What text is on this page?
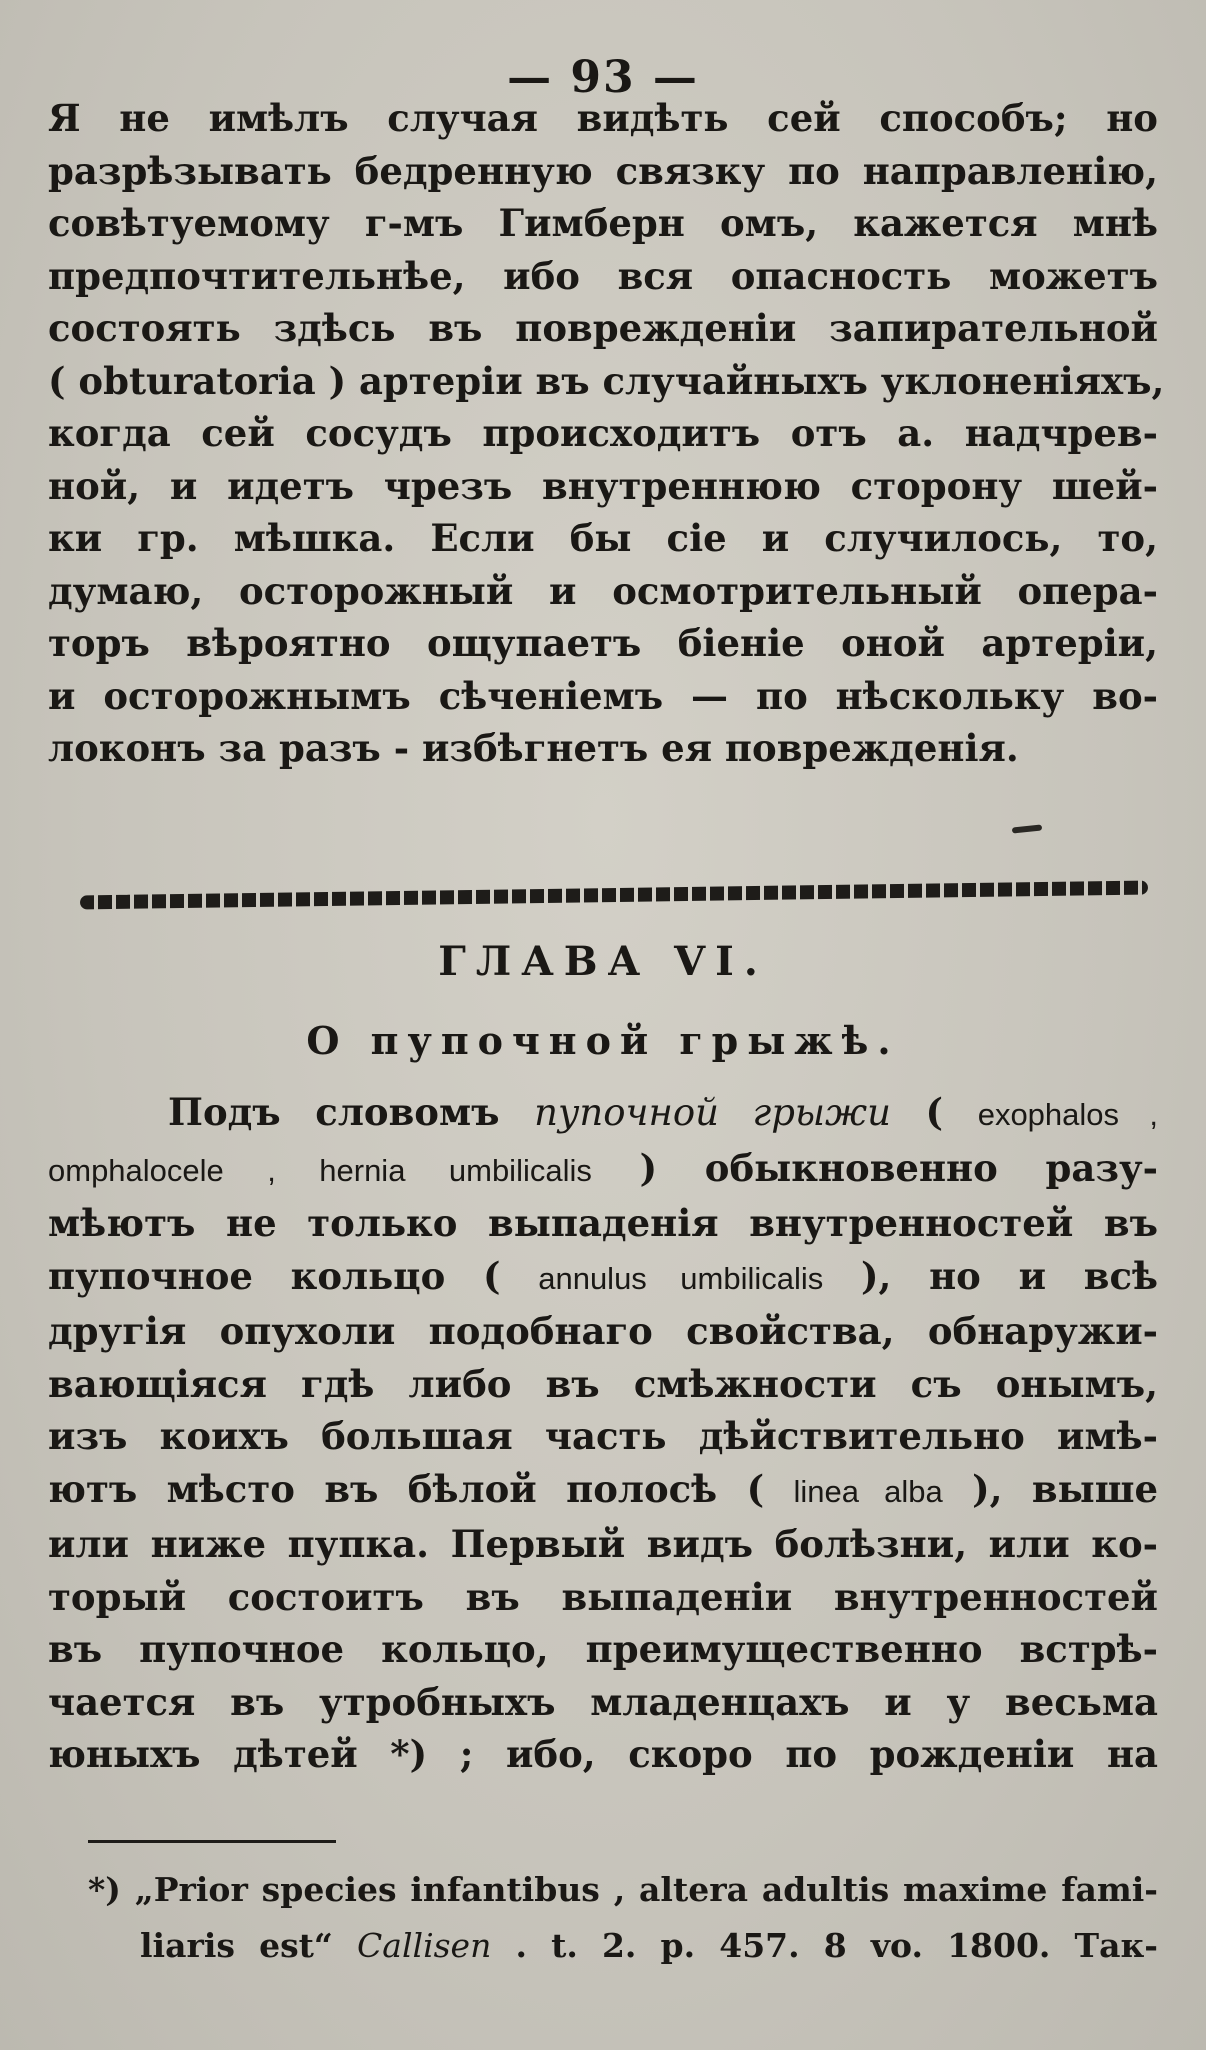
— 93 —
Я не имѣлъ случая видѣть сей способъ; но
разрѣзывать бедренную связку по направленію,
совѣтуемому г-мъ Гимберн омъ, кажется мнѣ
предпочтительнѣе, ибо вся опасность можетъ
состоять здѣсь въ поврежденіи запирательной
( obturatoria ) артеріи въ случайныхъ уклоненіяхъ,
когда сей сосудъ происходитъ отъ а. надчрев-
ной, и идетъ чрезъ внутреннюю сторону шей-
ки гр. мѣшка. Если бы сіе и случилось, то,
думаю, осторожный и осмотрительный опера-
торъ вѣроятно ощупаетъ біеніе оной артеріи,
и осторожнымъ сѣченіемъ — по нѣскольку во-
локонъ за разъ - избѣгнетъ ея поврежденія.
ГЛАВА VI.
О пупочной грыжѣ.
Подъ словомъ пупочной грыжи ( exophalos ,
omphalocele , hernia umbilicalis ) обыкновенно разу-
мѣютъ не только выпаденія внутренностей въ
пупочное кольцо ( annulus umbilicalis ), но и всѣ
другія опухоли подобнаго свойства, обнаружи-
вающіяся гдѣ либо въ смѣжности съ онымъ,
изъ коихъ большая часть дѣйствительно имѣ-
ютъ мѣсто въ бѣлой полосѣ ( linea alba ), выше
или ниже пупка. Первый видъ болѣзни, или ко-
торый состоитъ въ выпаденіи внутренностей
въ пупочное кольцо, преимущественно встрѣ-
чается въ утробныхъ младенцахъ и у весьма
юныхъ дѣтей *) ; ибо, скоро по рожденіи на
*) „Prior species infantibus , altera adultis maxime fami-
liaris est“ Callisen . t. 2. p. 457. 8 vo. 1800. Так-
